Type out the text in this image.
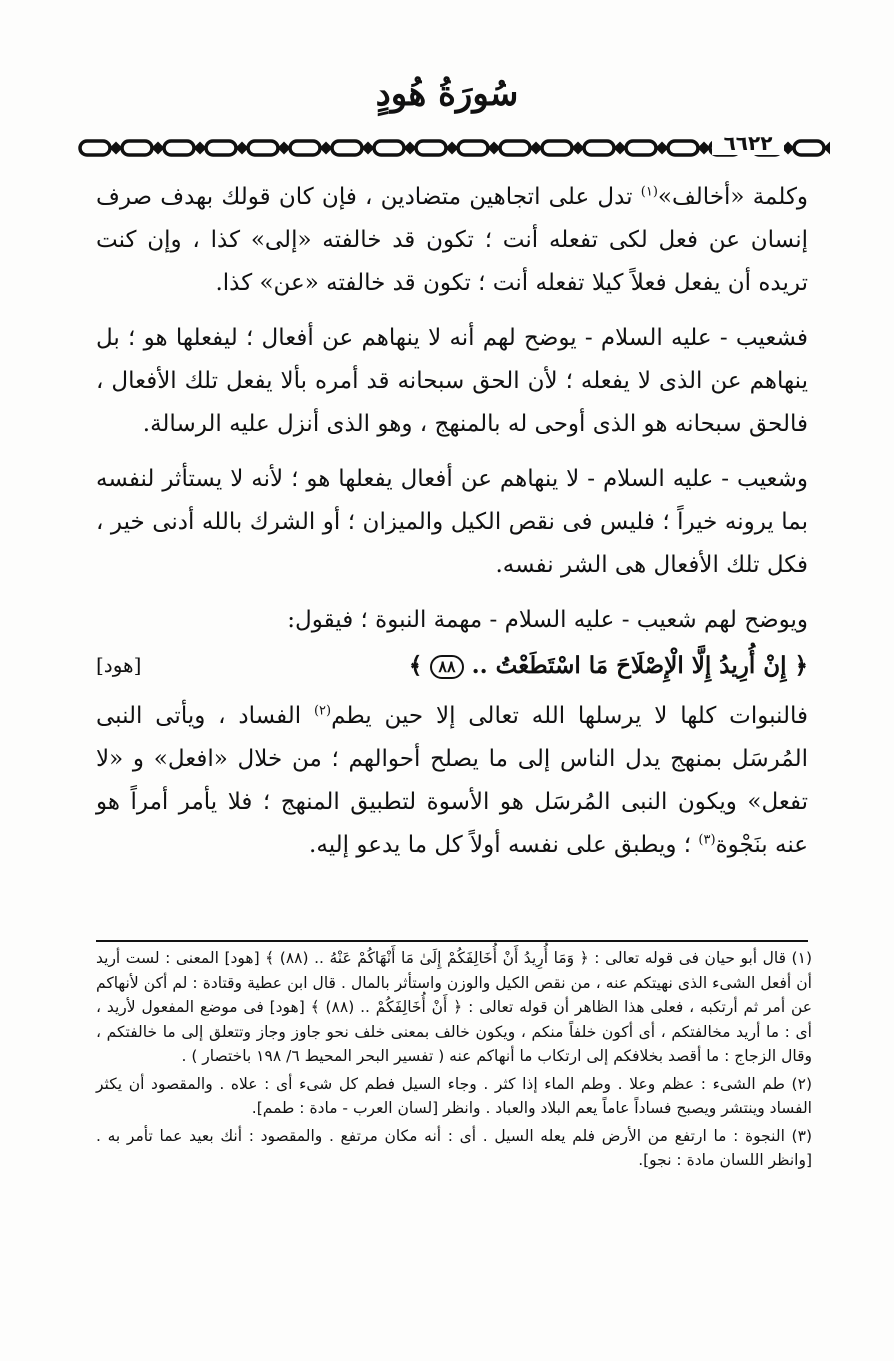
سُورَةُ هُودٍ
٦٦٢٢

وكلمة «أخالف»$^{(١)}$ تدل على اتجاهين متضادين ، فإن كان قولك بهدف صرف إنسان عن فعل لكى تفعله أنت ؛ تكون قد خالفته «إلى» كذا ، وإن كنت تريده أن يفعل فعلاً كيلا تفعله أنت ؛ تكون قد خالفته «عن» كذا.

فشعيب - عليه السلام - يوضح لهم أنه لا ينهاهم عن أفعال ؛ ليفعلها هو ؛ بل ينهاهم عن الذى لا يفعله ؛ لأن الحق سبحانه قد أمره بألا يفعل تلك الأفعال ، فالحق سبحانه هو الذى أوحى له بالمنهج ، وهو الذى أنزل عليه الرسالة.

وشعيب - عليه السلام - لا ينهاهم عن أفعال يفعلها هو ؛ لأنه لا يستأثر لنفسه بما يرونه خيراً ؛ فليس فى نقص الكيل والميزان ؛ أو الشرك بالله أدنى خير ، فكل تلك الأفعال هى الشر نفسه.

ويوضح لهم شعيب - عليه السلام - مهمة النبوة ؛ فيقول:

﴿ إِنْ أُرِيدُ إِلَّا الْإِصْلَاحَ مَا اسْتَطَعْتُ .. ٨٨ ﴾
[هود]

فالنبوات كلها لا يرسلها الله تعالى إلا حين يطم$^{(٢)}$ الفساد ، ويأتى النبى المُرسَل بمنهج يدل الناس إلى ما يصلح أحوالهم ؛ من خلال «افعل» و «لا تفعل» ويكون النبى المُرسَل هو الأسوة لتطبيق المنهج ؛ فلا يأمر أمراً هو عنه بنَجْوة$^{(٣)}$ ؛ ويطبق على نفسه أولاً كل ما يدعو إليه.

(١) قال أبو حيان فى قوله تعالى : ﴿ وَمَا أُرِيدُ أَنْ أُخَالِفَكُمْ إِلَىٰ مَا أَنْهَاكُمْ عَنْهُ .. (٨٨) ﴾ [هود] المعنى : لست أريد أن أفعل الشىء الذى نهيتكم عنه ، من نقص الكيل والوزن واستأثر بالمال . قال ابن عطية وقتادة : لم أكن لأنهاكم عن أمر ثم أرتكبه ، فعلى هذا الظاهر أن قوله تعالى : ﴿ أَنْ أُخَالِفَكُمْ .. (٨٨) ﴾ [هود] فى موضع المفعول لأريد ، أى : ما أريد مخالفتكم ، أى أكون خلفاً منكم ، ويكون خالف بمعنى خلف نحو جاوز وجاز وتتعلق إلى ما خالفتكم ، وقال الزجاج : ما أقصد بخلافكم إلى ارتكاب ما أنهاكم عنه ( تفسير البحر المحيط ٦/ ١٩٨ باختصار ) .

(٢) طم الشىء : عظم وعلا . وطم الماء إذا كثر . وجاء السيل فطم كل شىء أى : علاه . والمقصود أن يكثر الفساد وينتشر ويصبح فساداً عاماً يعم البلاد والعباد . وانظر [لسان العرب - مادة : طمم].

(٣) النجوة : ما ارتفع من الأرض فلم يعله السيل . أى : أنه مكان مرتفع . والمقصود : أنك بعيد عما تأمر به . [وانظر اللسان مادة : نجو].
